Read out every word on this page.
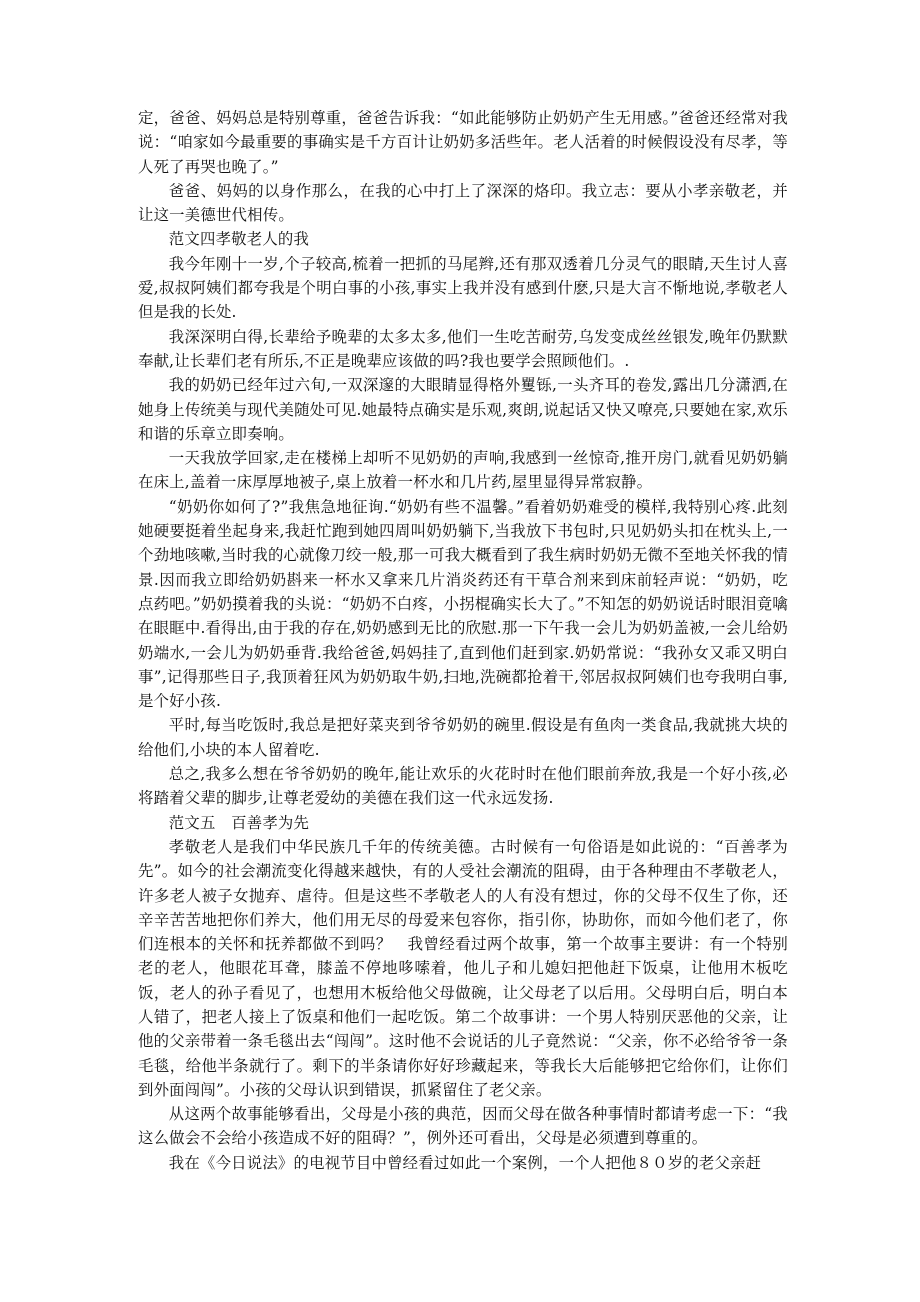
定，爸爸、妈妈总是特别尊重，爸爸告诉我：“如此能够防止奶奶产生无用感。”爸爸还经常对我说：“咱家如今最重要的事确实是千方百计让奶奶多活些年。老人活着的时候假设没有尽孝，等人死了再哭也晚了。”

爸爸、妈妈的以身作那么，在我的心中打上了深深的烙印。我立志：要从小孝亲敬老，并让这一美德世代相传。

范文四孝敬老人的我

我今年刚十一岁,个子较高,梳着一把抓的马尾辫,还有那双透着几分灵气的眼睛,天生讨人喜爱,叔叔阿姨们都夸我是个明白事的小孩,事实上我并没有感到什麽,只是大言不惭地说,孝敬老人但是我的长处.

我深深明白得,长辈给予晚辈的太多太多,他们一生吃苦耐劳,乌发变成丝丝银发,晚年仍默默奉献,让长辈们老有所乐,不正是晚辈应该做的吗?我也要学会照顾他们。.

我的奶奶已经年过六旬,一双深邃的大眼睛显得格外矍铄,一头齐耳的卷发,露出几分潇洒,在她身上传统美与现代美随处可见.她最特点确实是乐观,爽朗,说起话又快又嘹亮,只要她在家,欢乐和谐的乐章立即奏响。

一天我放学回家,走在楼梯上却听不见奶奶的声响,我感到一丝惊奇,推开房门,就看见奶奶躺在床上,盖着一床厚厚地被子,桌上放着一杯水和几片药,屋里显得异常寂静。

“奶奶你如何了?”我焦急地征询.“奶奶有些不温馨。”看着奶奶难受的模样,我特别心疼.此刻她硬要挺着坐起身来,我赶忙跑到她四周叫奶奶躺下,当我放下书包时,只见奶奶头扣在枕头上,一个劲地咳嗽,当时我的心就像刀绞一般,那一可我大概看到了我生病时奶奶无微不至地关怀我的情景.因而我立即给奶奶斟来一杯水又拿来几片消炎药还有干草合剂来到床前轻声说：“奶奶，吃点药吧。”奶奶摸着我的头说：“奶奶不白疼，小拐棍确实长大了。”不知怎的奶奶说话时眼泪竟噙在眼眶中.看得出,由于我的存在,奶奶感到无比的欣慰.那一下午我一会儿为奶奶盖被,一会儿给奶奶端水,一会儿为奶奶垂背.我给爸爸,妈妈挂了,直到他们赶到家.奶奶常说：“我孙女又乖又明白事”,记得那些日子,我顶着狂风为奶奶取牛奶,扫地,洗碗都抢着干,邻居叔叔阿姨们也夸我明白事,是个好小孩.

平时,每当吃饭时,我总是把好菜夹到爷爷奶奶的碗里.假设是有鱼肉一类食品,我就挑大块的给他们,小块的本人留着吃.

总之,我多么想在爷爷奶奶的晚年,能让欢乐的火花时时在他们眼前奔放,我是一个好小孩,必将踏着父辈的脚步,让尊老爱幼的美德在我们这一代永远发扬.

范文五　百善孝为先

孝敬老人是我们中华民族几千年的传统美德。古时候有一句俗语是如此说的：“百善孝为先”。如今的社会潮流变化得越来越快，有的人受社会潮流的阻碍，由于各种理由不孝敬老人，许多老人被子女抛弃、虐待。但是这些不孝敬老人的人有没有想过，你的父母不仅生了你，还辛辛苦苦地把你们养大，他们用无尽的母爱来包容你，指引你，协助你，而如今他们老了，你们连根本的关怀和抚养都做不到吗？　我曾经看过两个故事，第一个故事主要讲：有一个特别老的老人，他眼花耳聋，膝盖不停地哆嗦着，他儿子和儿媳妇把他赶下饭桌，让他用木板吃饭，老人的孙子看见了，也想用木板给他父母做碗，让父母老了以后用。父母明白后，明白本人错了，把老人接上了饭桌和他们一起吃饭。第二个故事讲：一个男人特别厌恶他的父亲，让他的父亲带着一条毛毯出去“闯闯”。这时他不会说话的儿子竟然说：“父亲，你不必给爷爷一条毛毯，给他半条就行了。剩下的半条请你好好珍藏起来，等我长大后能够把它给你们，让你们到外面闯闯”。小孩的父母认识到错误，抓紧留住了老父亲。

从这两个故事能够看出，父母是小孩的典范，因而父母在做各种事情时都请考虑一下：“我这么做会不会给小孩造成不好的阻碍？”，例外还可看出，父母是必须遭到尊重的。

我在《今日说法》的电视节目中曾经看过如此一个案例，一个人把他８０岁的老父亲赶
